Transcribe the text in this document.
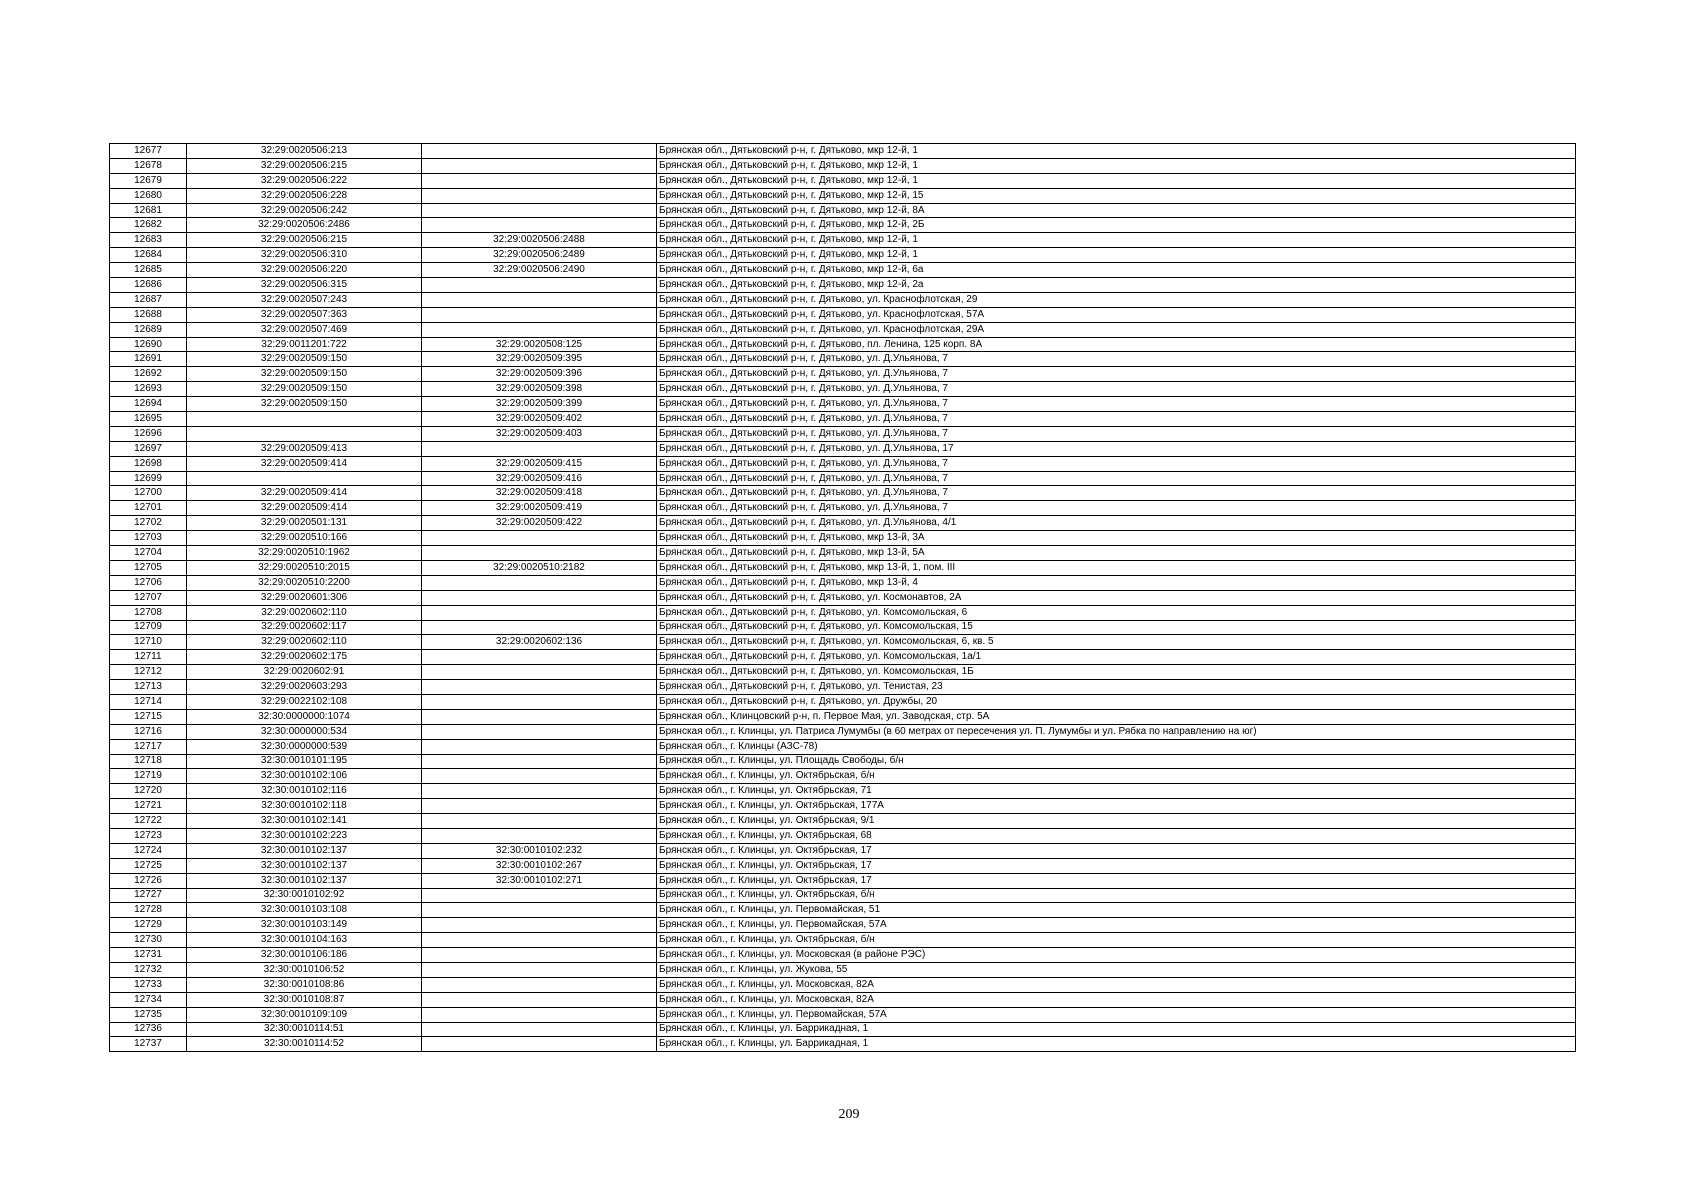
12677	32:29:0020506:213		Брянская обл., Дятьковский р-н, г. Дятьково, мкр 12-й, 1
12678	32:29:0020506:215		Брянская обл., Дятьковский р-н, г. Дятьково, мкр 12-й, 1
12679	32:29:0020506:222		Брянская обл., Дятьковский р-н, г. Дятьково, мкр 12-й, 1
12680	32:29:0020506:228		Брянская обл., Дятьковский р-н, г. Дятьково, мкр 12-й, 15
12681	32:29:0020506:242		Брянская обл., Дятьковский р-н, г. Дятьково, мкр 12-й, 8А
12682	32:29:0020506:2486		Брянская обл., Дятьковский р-н, г. Дятьково, мкр 12-й, 2Б
12683	32:29:0020506:215	32:29:0020506:2488	Брянская обл., Дятьковский р-н, г. Дятьково, мкр 12-й, 1
12684	32:29:0020506:310	32:29:0020506:2489	Брянская обл., Дятьковский р-н, г. Дятьково, мкр 12-й, 1
12685	32:29:0020506:220	32:29:0020506:2490	Брянская обл., Дятьковский р-н, г. Дятьково, мкр 12-й, 6а
12686	32:29:0020506:315		Брянская обл., Дятьковский р-н, г. Дятьково, мкр 12-й, 2а
12687	32:29:0020507:243		Брянская обл., Дятьковский р-н, г. Дятьково, ул. Краснофлотская, 29
12688	32:29:0020507:363		Брянская обл., Дятьковский р-н, г. Дятьково, ул. Краснофлотская, 57А
12689	32:29:0020507:469		Брянская обл., Дятьковский р-н, г. Дятьково, ул. Краснофлотская, 29А
12690	32:29:0011201:722	32:29:0020508:125	Брянская обл., Дятьковский р-н, г. Дятьково, пл. Ленина, 125 корп. 8А
12691	32:29:0020509:150	32:29:0020509:395	Брянская обл., Дятьковский р-н, г. Дятьково, ул. Д.Ульянова, 7
12692	32:29:0020509:150	32:29:0020509:396	Брянская обл., Дятьковский р-н, г. Дятьково, ул. Д.Ульянова, 7
12693	32:29:0020509:150	32:29:0020509:398	Брянская обл., Дятьковский р-н, г. Дятьково, ул. Д.Ульянова, 7
12694	32:29:0020509:150	32:29:0020509:399	Брянская обл., Дятьковский р-н, г. Дятьково, ул. Д.Ульянова, 7
12695		32:29:0020509:402	Брянская обл., Дятьковский р-н, г. Дятьково, ул. Д.Ульянова, 7
12696		32:29:0020509:403	Брянская обл., Дятьковский р-н, г. Дятьково, ул. Д.Ульянова, 7
12697	32:29:0020509:413		Брянская обл., Дятьковский р-н, г. Дятьково, ул. Д.Ульянова, 17
12698	32:29:0020509:414	32:29:0020509:415	Брянская обл., Дятьковский р-н, г. Дятьково, ул. Д.Ульянова, 7
12699		32:29:0020509:416	Брянская обл., Дятьковский р-н, г. Дятьково, ул. Д.Ульянова, 7
12700	32:29:0020509:414	32:29:0020509:418	Брянская обл., Дятьковский р-н, г. Дятьково, ул. Д.Ульянова, 7
12701	32:29:0020509:414	32:29:0020509:419	Брянская обл., Дятьковский р-н, г. Дятьково, ул. Д.Ульянова, 7
12702	32:29:0020501:131	32:29:0020509:422	Брянская обл., Дятьковский р-н, г. Дятьково, ул. Д.Ульянова, 4/1
12703	32:29:0020510:166		Брянская обл., Дятьковский р-н, г. Дятьково, мкр 13-й, 3А
12704	32:29:0020510:1962		Брянская обл., Дятьковский р-н, г. Дятьково, мкр 13-й, 5А
12705	32:29:0020510:2015	32:29:0020510:2182	Брянская обл., Дятьковский р-н, г. Дятьково, мкр 13-й, 1, пом. III
12706	32:29:0020510:2200		Брянская обл., Дятьковский р-н, г. Дятьково, мкр 13-й, 4
12707	32:29:0020601:306		Брянская обл., Дятьковский р-н, г. Дятьково, ул. Космонавтов, 2А
12708	32:29:0020602:110		Брянская обл., Дятьковский р-н, г. Дятьково, ул. Комсомольская, 6
12709	32:29:0020602:117		Брянская обл., Дятьковский р-н, г. Дятьково, ул. Комсомольская, 15
12710	32:29:0020602:110	32:29:0020602:136	Брянская обл., Дятьковский р-н, г. Дятьково, ул. Комсомольская, 6, кв. 5
12711	32:29:0020602:175		Брянская обл., Дятьковский р-н, г. Дятьково, ул. Комсомольская, 1а/1
12712	32:29:0020602:91		Брянская обл., Дятьковский р-н, г. Дятьково, ул. Комсомольская, 1Б
12713	32:29:0020603:293		Брянская обл., Дятьковский р-н, г. Дятьково, ул. Тенистая, 23
12714	32:29:0022102:108		Брянская обл., Дятьковский р-н, г. Дятьково, ул. Дружбы, 20
12715	32:30:0000000:1074		Брянская обл., Клинцовский р-н, п. Первое Мая, ул. Заводская, стр. 5А
12716	32:30:0000000:534		Брянская обл., г. Клинцы, ул. Патриса Лумумбы (в 60 метрах от пересечения ул. П. Лумумбы и ул. Рябка по направлению на юг)
12717	32:30:0000000:539		Брянская обл., г. Клинцы (АЗС-78)
12718	32:30:0010101:195		Брянская обл., г. Клинцы, ул. Площадь Свободы, б/н
12719	32:30:0010102:106		Брянская обл., г. Клинцы, ул. Октябрьская, б/н
12720	32:30:0010102:116		Брянская обл., г. Клинцы, ул. Октябрьская, 71
12721	32:30:0010102:118		Брянская обл., г. Клинцы, ул. Октябрьская, 177А
12722	32:30:0010102:141		Брянская обл., г. Клинцы, ул. Октябрьская, 9/1
12723	32:30:0010102:223		Брянская обл., г. Клинцы, ул. Октябрьская, 68
12724	32:30:0010102:137	32:30:0010102:232	Брянская обл., г. Клинцы, ул. Октябрьская, 17
12725	32:30:0010102:137	32:30:0010102:267	Брянская обл., г. Клинцы, ул. Октябрьская, 17
12726	32:30:0010102:137	32:30:0010102:271	Брянская обл., г. Клинцы, ул. Октябрьская, 17
12727	32:30:0010102:92		Брянская обл., г. Клинцы, ул. Октябрьская, б/н
12728	32:30:0010103:108		Брянская обл., г. Клинцы, ул. Первомайская, 51
12729	32:30:0010103:149		Брянская обл., г. Клинцы, ул. Первомайская, 57А
12730	32:30:0010104:163		Брянская обл., г. Клинцы, ул. Октябрьская, б/н
12731	32:30:0010106:186		Брянская обл., г. Клинцы, ул. Московская (в районе РЭС)
12732	32:30:0010106:52		Брянская обл., г. Клинцы, ул. Жукова, 55
12733	32:30:0010108:86		Брянская обл., г. Клинцы, ул. Московская, 82А
12734	32:30:0010108:87		Брянская обл., г. Клинцы, ул. Московская, 82А
12735	32:30:0010109:109		Брянская обл., г. Клинцы, ул. Первомайская, 57А
12736	32:30:0010114:51		Брянская обл., г. Клинцы, ул. Баррикадная, 1
12737	32:30:0010114:52		Брянская обл., г. Клинцы, ул. Баррикадная, 1
209
